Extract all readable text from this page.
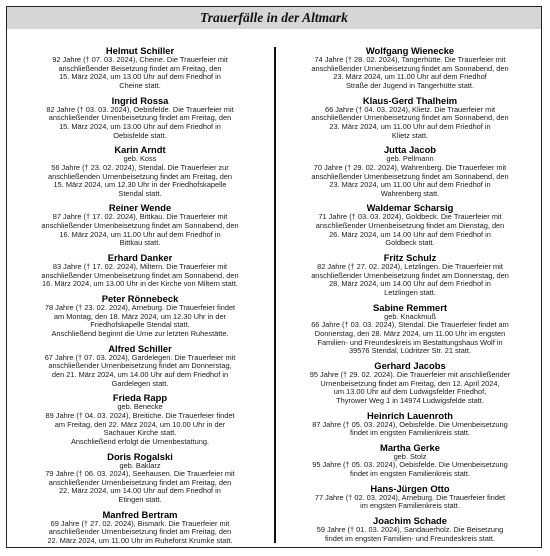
Trauerfälle in der Altmark
Helmut Schiller
92 Jahre († 07. 03. 2024), Cheine. Die Trauerfeier mit
anschließender Beisetzung findet am Freitag, den
15. März 2024, um 13.00 Uhr auf dem Friedhof in
Cheine statt.
Ingrid Rossa
82 Jahre († 03. 03. 2024), Oebisfelde. Die Trauerfeier mit
anschließender Urnenbeisetzung findet am Freitag, den
15. März 2024, um 13.00 Uhr auf dem Friedhof in
Oebisfelde statt.
Karin Arndt
geb. Koss
56 Jahre († 23. 02. 2024), Stendal. Die Trauerfeier zur
anschließenden Urnenbeisetzung findet am Freitag, den
15. März 2024, um 12.30 Uhr in der Friedhofskapelle
Stendal statt.
Reiner Wende
87 Jahre († 17. 02. 2024), Bittkau. Die Trauerfeier mit
anschließender Urnenbeisetzung findet am Sonnabend, den
16. März 2024, um 11.00 Uhr auf dem Friedhof in
Bittkau statt.
Erhard Danker
83 Jahre († 17. 02. 2024), Miltern. Die Trauerfeier mit
anschließender Urnenbeisetzung findet am Sonnabend, den
16. März 2024, um 13.00 Uhr in der Kirche von Miltern statt.
Peter Rönnebeck
78 Jahre († 23. 02. 2024), Arneburg. Die Trauerfeier findet
am Montag, den 18. März 2024, um 12.30 Uhr in der
Friedhofskapelle Stendal statt.
Anschließend beginnt die Urne zur letzten Ruhestätte.
Alfred Schiller
67 Jahre († 07. 03. 2024), Gardelegen. Die Trauerfeier mit
anschließender Urnenbeisetzung findet am Donnerstag,
den 21. März 2024, um 14.00 Uhr auf dem Friedhof in
Gardelegen statt.
Frieda Rapp
geb. Benecke
89 Jahre († 04. 03. 2024), Breitiche. Die Trauerfeier findet
am Freitag, den 22. März 2024, um 10.00 Uhr in der
Sachauer Kirche statt.
Anschließend erfolgt die Urnenbestattung.
Doris Rogalski
geb. Baklarz
79 Jahre († 06. 03. 2024), Seehausen. Die Trauerfeier mit
anschließender Urnenbeisetzung findet am Freitag, den
22. März 2024, um 14.00 Uhr auf dem Friedhof in
Etingen statt.
Manfred Bertram
69 Jahre († 27. 02. 2024), Bismark. Die Trauerfeier mit
anschließender Urnenbeisetzung findet am Freitag, den
22. März 2024, um 11.00 Uhr im Ruheforst Krumke statt.
Wolfgang Wienecke
74 Jahre († 28. 02. 2024), Tangerhütte. Die Trauerfeier mit
anschließender Urnenbeisetzung findet am Sonnabend, den
23. März 2024, um 11.00 Uhr auf dem Friedhof
Straße der Jugend in Tangerhütte statt.
Klaus-Gerd Thalheim
66 Jahre († 04. 03. 2024), Klietz. Die Trauerfeier mit
anschließender Urnenbeisetzung findet am Sonnabend, den
23. März 2024, um 11.00 Uhr auf dem Friedhof in
Klietz statt.
Jutta Jacob
geb. Pellmann
70 Jahre († 29. 02. 2024), Wahrenberg. Die Trauerfeier mit
anschließender Urnenbeisetzung findet am Sonnabend, den
23. März 2024, um 11.00 Uhr auf dem Friedhof in
Wahrenberg statt.
Waldemar Scharsig
71 Jahre († 03. 03. 2024), Goldbeck. Die Trauerfeier mit
anschließender Urnenbeisetzung findet am Dienstag, den
26. März 2024, um 14.00 Uhr auf dem Friedhof in
Goldbeck statt.
Fritz Schulz
82 Jahre († 27. 02. 2024), Letzlingen. Die Trauerfeier mit
anschließender Urnenbeisetzung findet am Donnerstag, den
28. März 2024, um 14.00 Uhr auf dem Friedhof in
Letzlingen statt.
Sabine Remmert
geb. Knackmuß
66 Jahre († 03. 03. 2024), Stendal. Die Trauerfeier findet am
Donnerstag, den 28. März 2024, um 11.00 Uhr im engsten
Familien- und Freundeskreis im Bestattungshaus Wolf in
39576 Stendal, Lüdritzer Str. 21 statt.
Gerhard Jacobs
95 Jahre († 29. 02. 2024). Die Trauerfeier mit anschließender
Urnenbeisetzung findet am Freitag, den 12. April 2024,
um 13.00 Uhr auf dem Ludwigsfelder Friedhof,
Thyrower Weg 1 in 14974 Ludwigsfelde statt.
Heinrich Lauenroth
87 Jahre († 05. 03. 2024), Oebisfelde. Die Urnenbeisetzung
findet im engsten Familienkreis statt.
Martha Gerke
geb. Stolz
95 Jahre († 05. 03. 2024), Oebisfelde. Die Urnenbeisetzung
findet im engsten Familienkreis statt.
Hans-Jürgen Otto
77 Jahre († 02. 03. 2024), Arneburg. Die Trauerfeier findet
im engsten Familienkreis statt.
Joachim Schade
59 Jahre († 01. 03. 2024), Sandauerholz. Die Beisetzung
findet im engsten Familien- und Freundeskreis statt.
